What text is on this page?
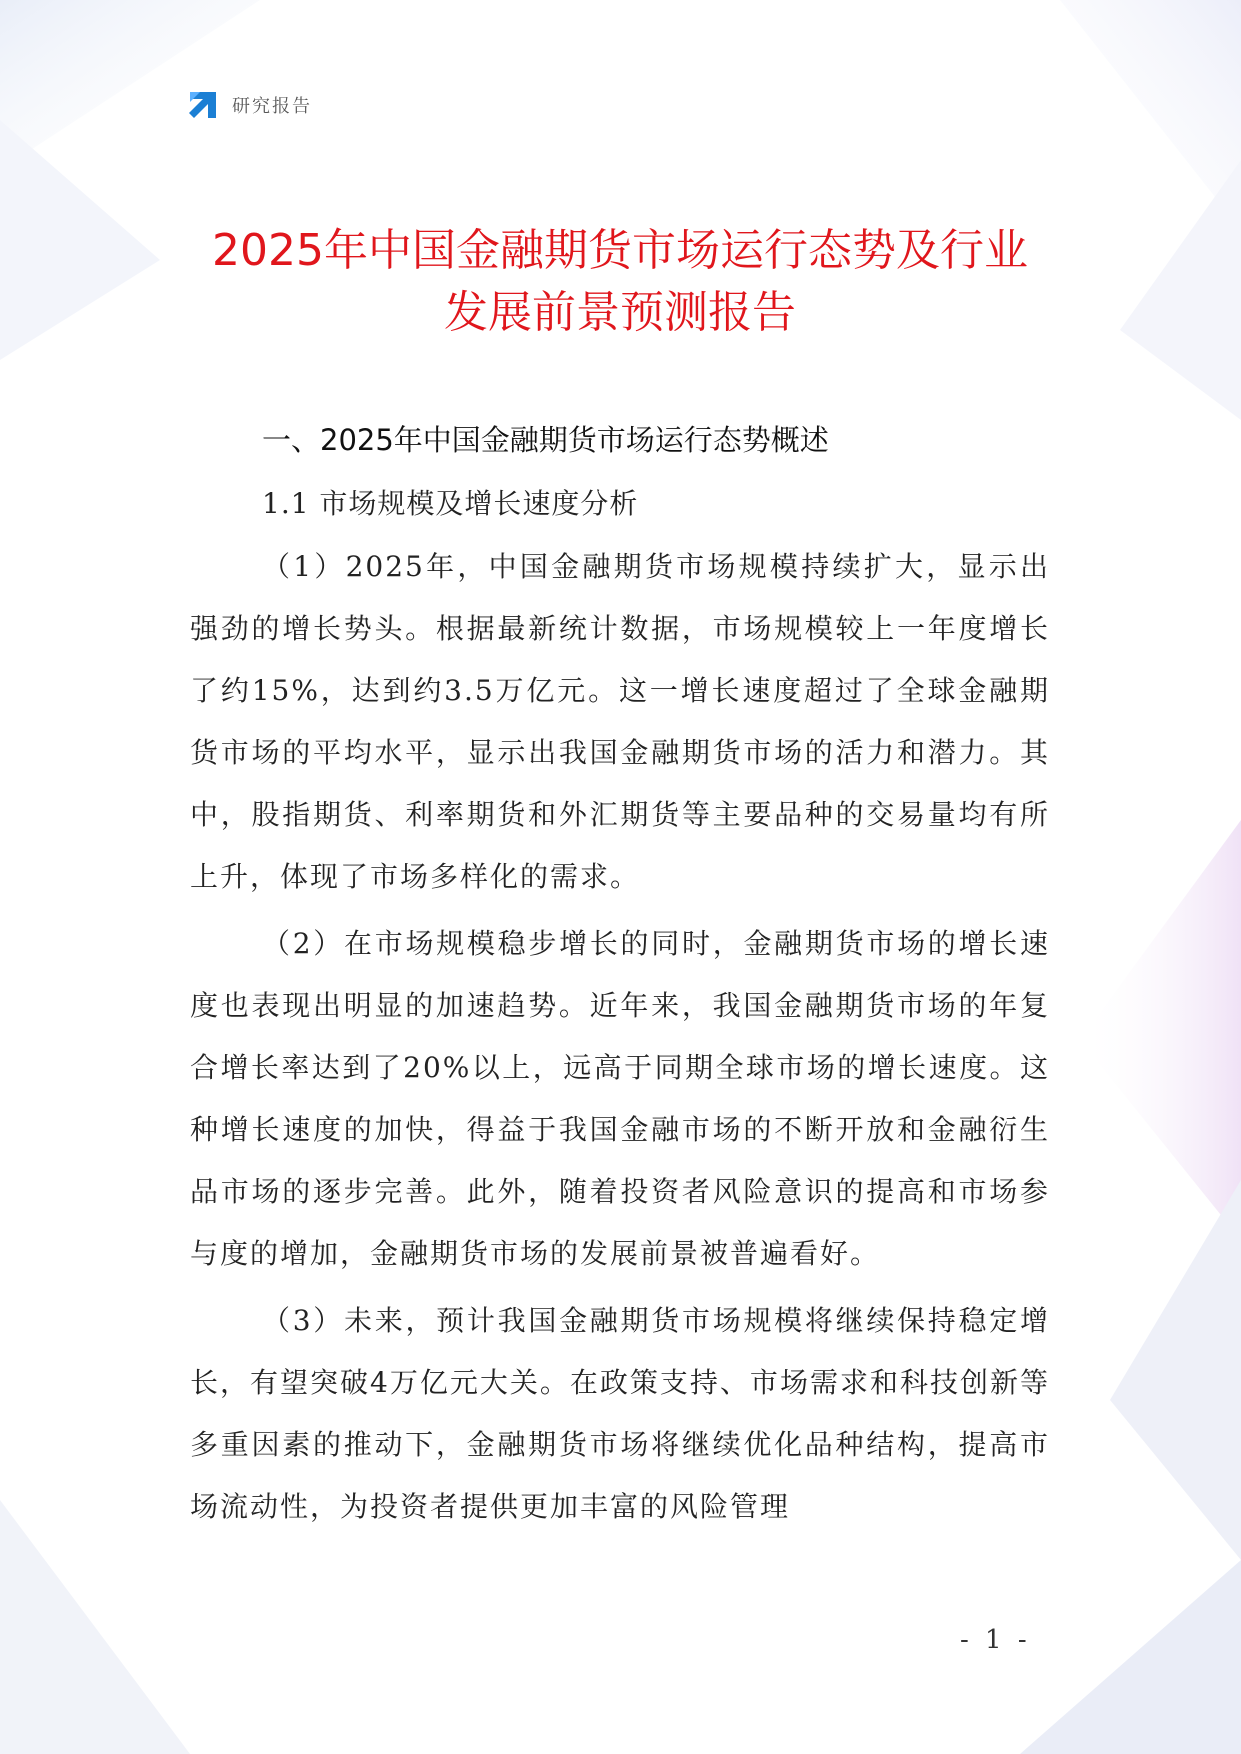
研究报告
2025年中国金融期货市场运行态势及行业
发展前景预测报告
一、2025年中国金融期货市场运行态势概述
1.1 市场规模及增长速度分析

（1）2025年，中国金融期货市场规模持续扩大，显示出强劲的增长势头。根据最新统计数据，市场规模较上一年度增长了约15%，达到约3.5万亿元。这一增长速度超过了全球金融期货市场的平均水平，显示出我国金融期货市场的活力和潜力。其中，股指期货、利率期货和外汇期货等主要品种的交易量均有所上升，体现了市场多样化的需求。

（2）在市场规模稳步增长的同时，金融期货市场的增长速度也表现出明显的加速趋势。近年来，我国金融期货市场的年复合增长率达到了20%以上，远高于同期全球市场的增长速度。这种增长速度的加快，得益于我国金融市场的不断开放和金融衍生品市场的逐步完善。此外，随着投资者风险意识的提高和市场参与度的增加，金融期货市场的发展前景被普遍看好。

（3）未来，预计我国金融期货市场规模将继续保持稳定增长，有望突破4万亿元大关。在政策支持、市场需求和科技创新等多重因素的推动下，金融期货市场将继续优化品种结构，提高市场流动性，为投资者提供更加丰富的风险管理

- 1 -
